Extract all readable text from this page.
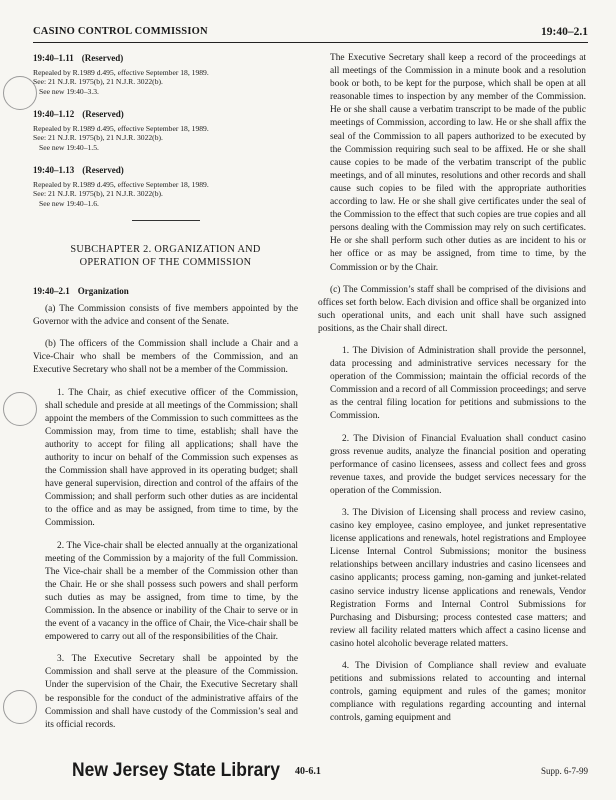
CASINO CONTROL COMMISSION	19:40–2.1
19:40–1.11 (Reserved)
Repealed by R.1989 d.495, effective September 18, 1989.
See: 21 N.J.R. 1975(b), 21 N.J.R. 3022(b).
See new 19:40–3.3.
19:40–1.12 (Reserved)
Repealed by R.1989 d.495, effective September 18, 1989.
See: 21 N.J.R. 1975(b), 21 N.J.R. 3022(b).
See new 19:40–1.5.
19:40–1.13 (Reserved)
Repealed by R.1989 d.495, effective September 18, 1989.
See: 21 N.J.R. 1975(b), 21 N.J.R. 3022(b).
See new 19:40–1.6.
SUBCHAPTER 2. ORGANIZATION AND
OPERATION OF THE COMMISSION
19:40–2.1 Organization

(a) The Commission consists of five members appointed by the Governor with the advice and consent of the Senate.

(b) The officers of the Commission shall include a Chair and a Vice-Chair who shall be members of the Commission, and an Executive Secretary who shall not be a member of the Commission.

1. The Chair, as chief executive officer of the Commission, shall schedule and preside at all meetings of the Commission; shall appoint the members of the Commission to such committees as the Commission may, from time to time, establish; shall have the authority to accept for filing all applications; shall have the authority to incur on behalf of the Commission such expenses as the Commission shall have approved in its operating budget; shall have general supervision, direction and control of the affairs of the Commission; and shall perform such other duties as are incidental to the office and as may be assigned, from time to time, by the Commission.

2. The Vice-chair shall be elected annually at the organizational meeting of the Commission by a majority of the full Commission. The Vice-chair shall be a member of the Commission other than the Chair. He or she shall possess such powers and shall perform such duties as may be assigned, from time to time, by the Commission. In the absence or inability of the Chair to serve or in the event of a vacancy in the office of Chair, the Vice-chair shall be empowered to carry out all of the responsibilities of the Chair.

3. The Executive Secretary shall be appointed by the Commission and shall serve at the pleasure of the Commission. Under the supervision of the Chair, the Executive Secretary shall be responsible for the conduct of the administrative affairs of the Commission and shall have custody of the Commission’s seal and its official records.

The Executive Secretary shall keep a record of the proceedings at all meetings of the Commission in a minute book and a resolution book or both, to be kept for the purpose, which shall be open at all reasonable times to inspection by any member of the Commission. He or she shall cause a verbatim transcript to be made of the public meetings of Commission, according to law. He or she shall affix the seal of the Commission to all papers authorized to be executed by the Commission requiring such seal to be affixed. He or she shall cause copies to be made of the verbatim transcript of the public meetings, and of all minutes, resolutions and other records and shall cause such copies to be filed with the appropriate authorities according to law. He or she shall give certificates under the seal of the Commission to the effect that such copies are true copies and all persons dealing with the Commission may rely on such certificates. He or she shall perform such other duties as are incident to his or her office or as may be assigned, from time to time, by the Commission or by the Chair.

(c) The Commission’s staff shall be comprised of the divisions and offices set forth below. Each division and office shall be organized into such operational units, and each unit shall have such assigned positions, as the Chair shall direct.

1. The Division of Administration shall provide the personnel, data processing and administrative services necessary for the operation of the Commission; maintain the official records of the Commission and a record of all Commission proceedings; and serve as the central filing location for petitions and submissions to the Commission.

2. The Division of Financial Evaluation shall conduct casino gross revenue audits, analyze the financial position and operating performance of casino licensees, assess and collect fees and gross revenue taxes, and provide the budget services necessary for the operation of the Commission.

3. The Division of Licensing shall process and review casino, casino key employee, casino employee, and junket representative license applications and renewals, hotel registrations and Employee License Internal Control Submissions; monitor the business relationships between ancillary industries and casino licensees and casino applicants; process gaming, non-gaming and junket-related casino service industry license applications and renewals, Vendor Registration Forms and Internal Control Submissions for Purchasing and Disbursing; process contested case matters; and review all facility related matters which affect a casino license and casino hotel alcoholic beverage related matters.

4. The Division of Compliance shall review and evaluate petitions and submissions related to accounting and internal controls, gaming equipment and rules of the games; monitor compliance with regulations regarding accounting and internal controls, gaming equipment and

New Jersey State Library 40-6.1	Supp. 6-7-99
